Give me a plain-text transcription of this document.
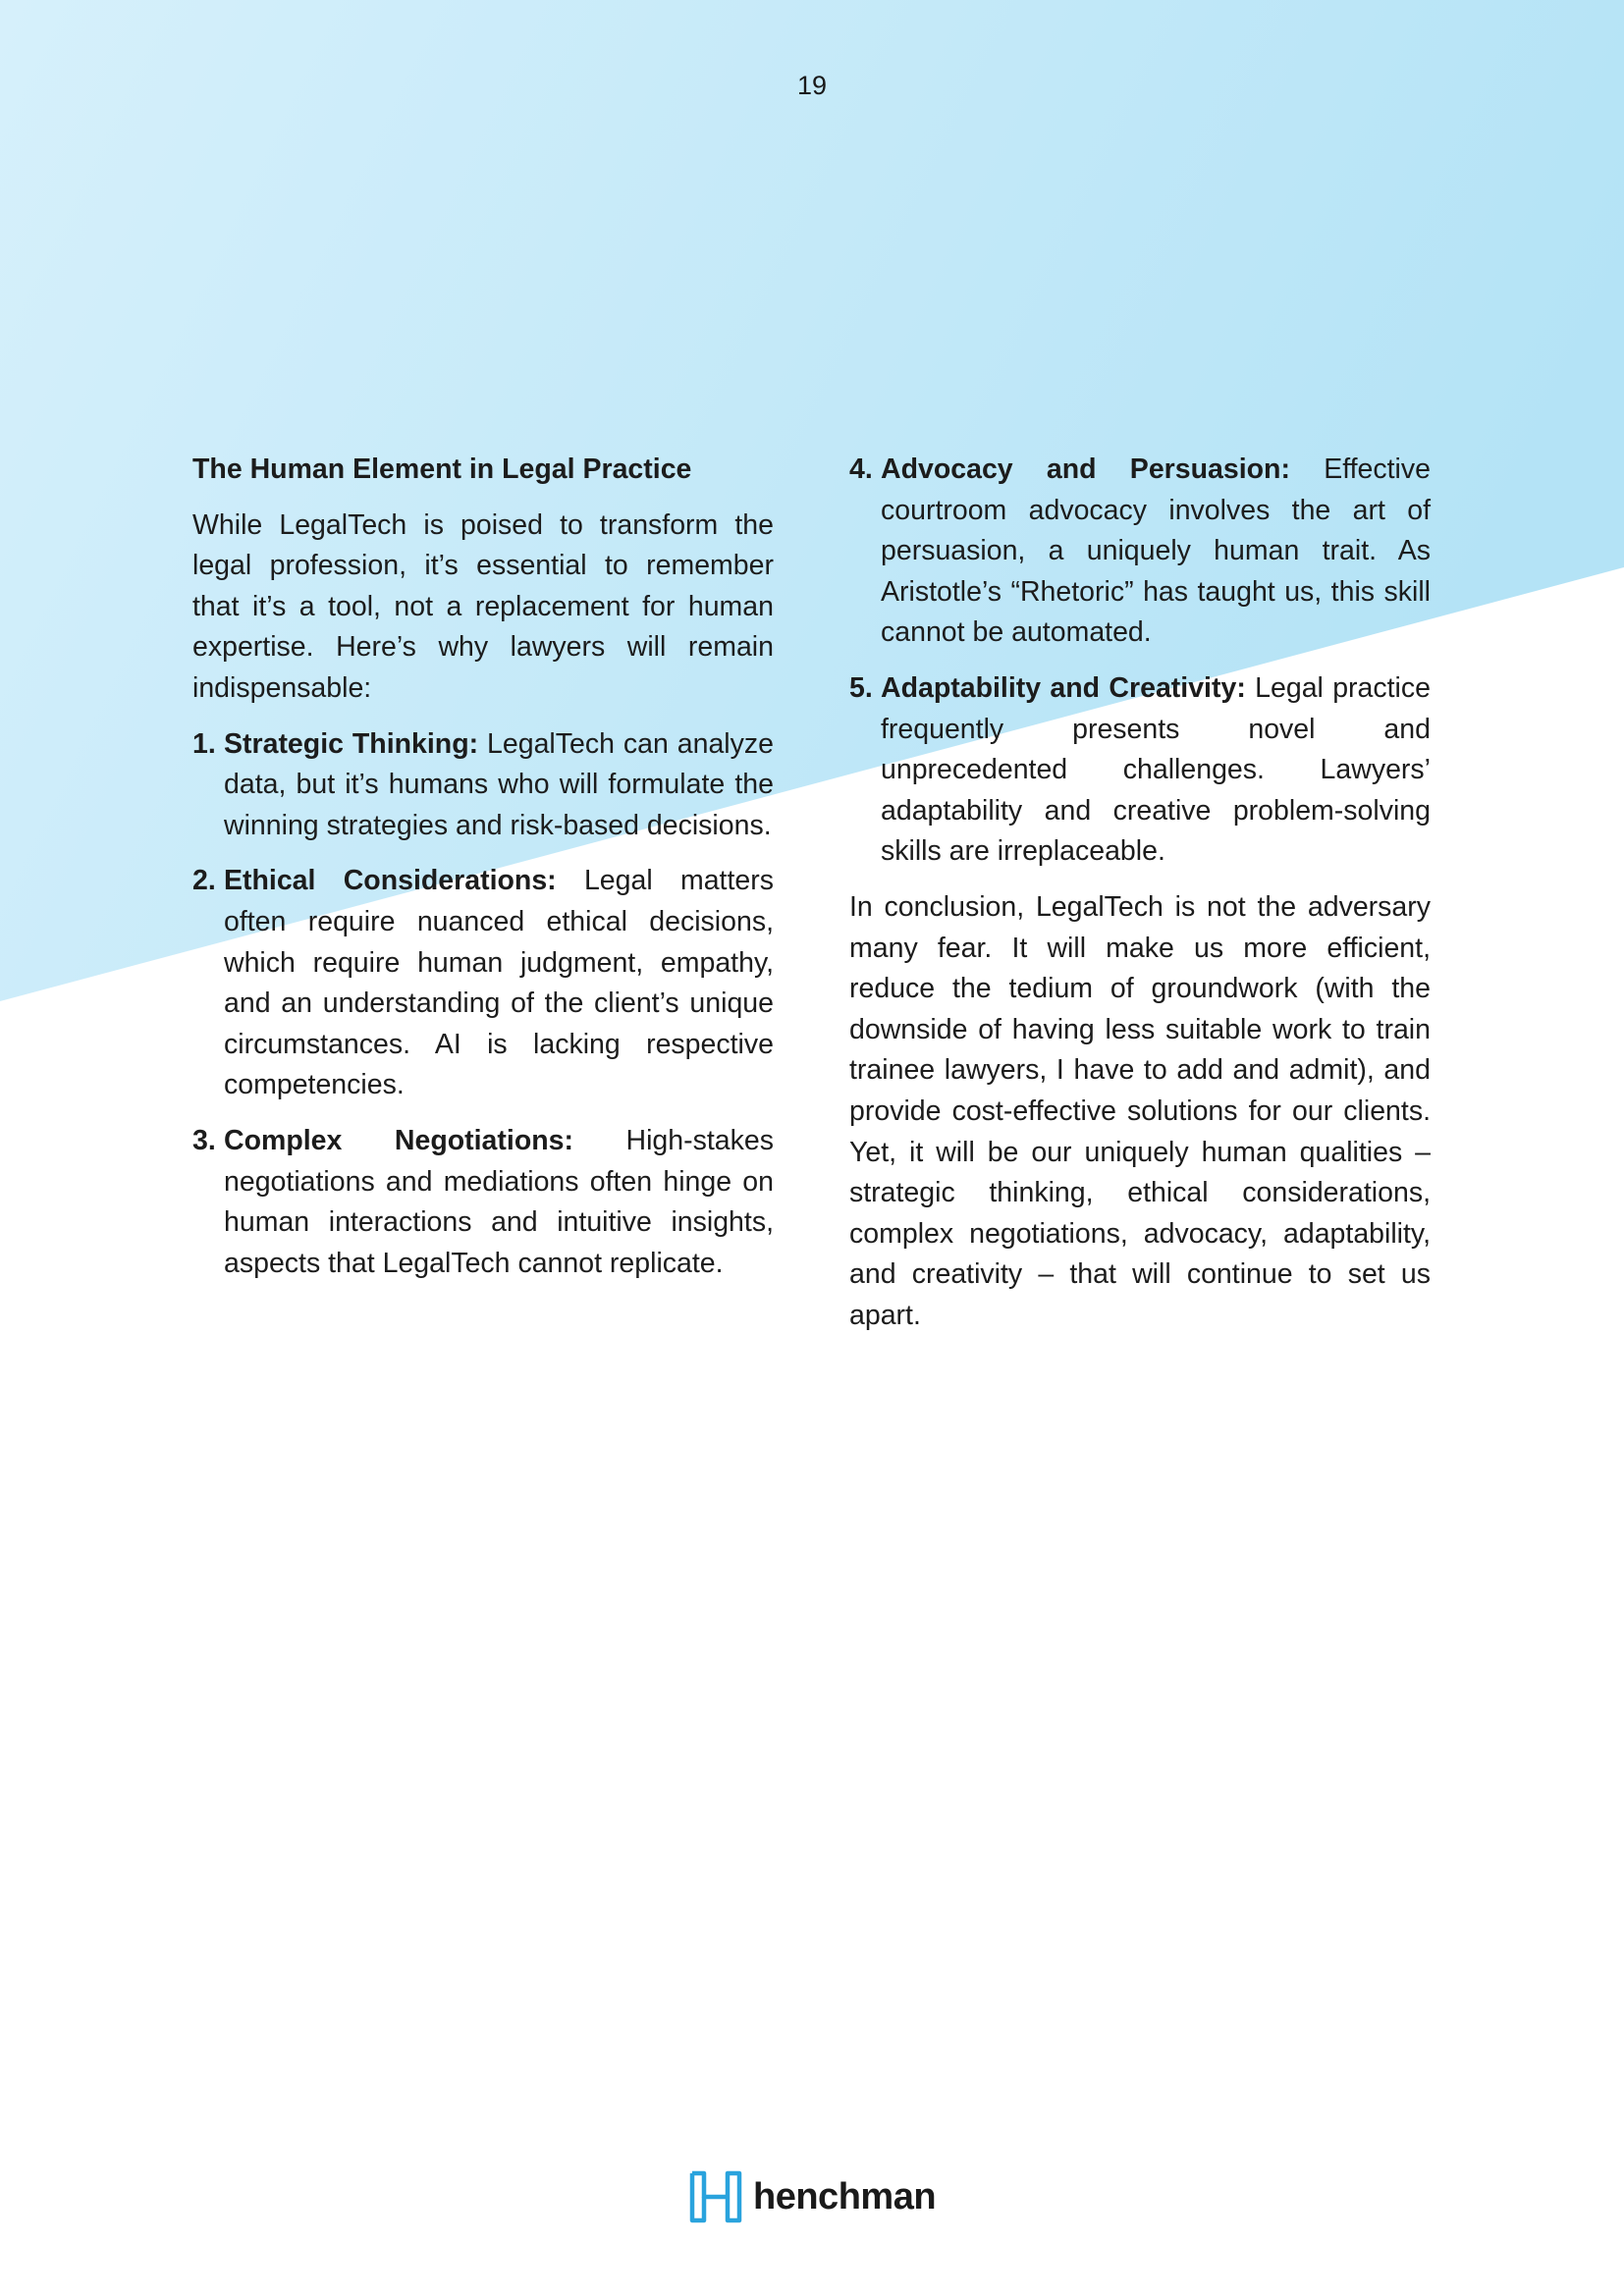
19
The Human Element in Legal Practice

While LegalTech is poised to transform the legal profession, it’s essential to remember that it’s a tool, not a replacement for human expertise. Here’s why lawyers will remain indispensable:

1. Strategic Thinking: LegalTech can analyze data, but it’s humans who will formulate the winning strategies and risk-based decisions.
2. Ethical Considerations: Legal matters often require nuanced ethical decisions, which require human judgment, empathy, and an understanding of the client’s unique circumstances. AI is lacking respective competencies.
3. Complex Negotiations: High-stakes negotiations and mediations often hinge on human interactions and intuitive insights, aspects that LegalTech cannot replicate.
4. Advocacy and Persuasion: Effective courtroom advocacy involves the art of persuasion, a uniquely human trait. As Aristotle’s “Rhetoric” has taught us, this skill cannot be automated.
5. Adaptability and Creativity: Legal practice frequently presents novel and unprecedented challenges. Lawyers’ adaptability and creative problem-solving skills are irreplaceable.

In conclusion, LegalTech is not the adversary many fear. It will make us more efficient, reduce the tedium of groundwork (with the downside of having less suitable work to train trainee lawyers, I have to add and admit), and provide cost-effective solutions for our clients. Yet, it will be our uniquely human qualities – strategic thinking, ethical considerations, complex negotiations, advocacy, adaptability, and creativity – that will continue to set us apart.

henchman
